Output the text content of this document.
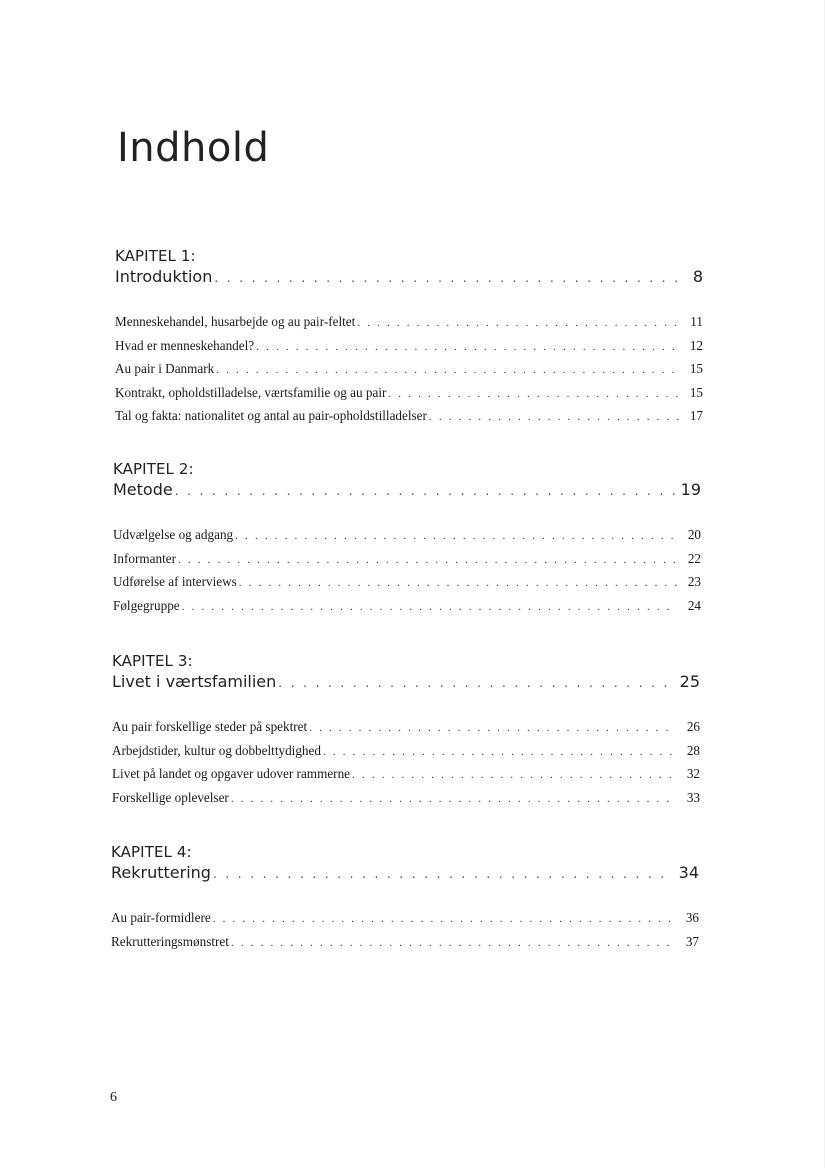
Indhold
KAPITEL 1:
Introduktion . . .	8
Menneskehandel, husarbejde og au pair-feltet . . .	11
Hvad er menneskehandel? . . .	12
Au pair i Danmark . . .	15
Kontrakt, opholdstilladelse, værtsfamilie og au pair . . .	15
Tal og fakta: nationalitet og antal au pair-opholdstilladelser . . .	17
KAPITEL 2:
Metode . . .	19
Udvælgelse og adgang . . .	20
Informanter . . .	22
Udførelse af interviews . . .	23
Følgegruppe . . .	24
KAPITEL 3:
Livet i værtsfamilien . . .	25
Au pair forskellige steder på spektret . . .	26
Arbejdstider, kultur og dobbelttydighed . . .	28
Livet på landet og opgaver udover rammerne . . .	32
Forskellige oplevelser . . .	33
KAPITEL 4:
Rekruttering . . .	34
Au pair-formidlere . . .	36
Rekrutteringsmønstret . . .	37
6
